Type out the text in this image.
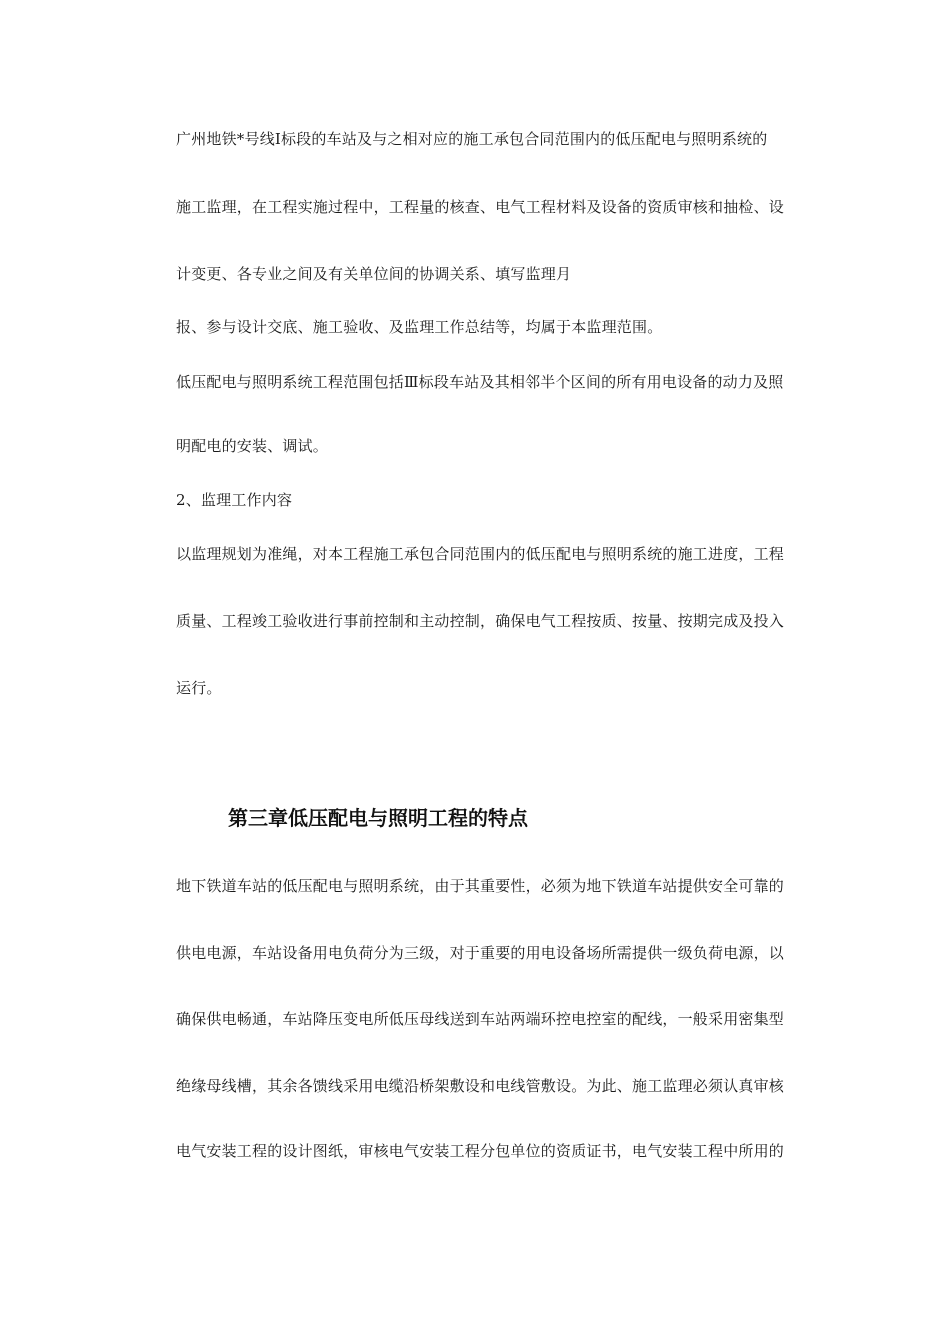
广州地铁*号线Ⅰ标段的车站及与之相对应的施工承包合同范围内的低压配电与照明系统的
施工监理，在工程实施过程中，工程量的核查、电气工程材料及设备的资质审核和抽检、设
计变更、各专业之间及有关单位间的协调关系、填写监理月
报、参与设计交底、施工验收、及监理工作总结等，均属于本监理范围。
低压配电与照明系统工程范围包括Ⅲ标段车站及其相邻半个区间的所有用电设备的动力及照
明配电的安装、调试。
2、监理工作内容
以监理规划为准绳，对本工程施工承包合同范围内的低压配电与照明系统的施工进度，工程
质量、工程竣工验收进行事前控制和主动控制，确保电气工程按质、按量、按期完成及投入
运行。
第三章低压配电与照明工程的特点
地下铁道车站的低压配电与照明系统，由于其重要性，必须为地下铁道车站提供安全可靠的
供电电源，车站设备用电负荷分为三级，对于重要的用电设备场所需提供一级负荷电源，以
确保供电畅通，车站降压变电所低压母线送到车站两端环控电控室的配线，一般采用密集型
绝缘母线槽，其余各馈线采用电缆沿桥架敷设和电线管敷设。为此、施工监理必须认真审核
电气安装工程的设计图纸，审核电气安装工程分包单位的资质证书，电气安装工程中所用的
